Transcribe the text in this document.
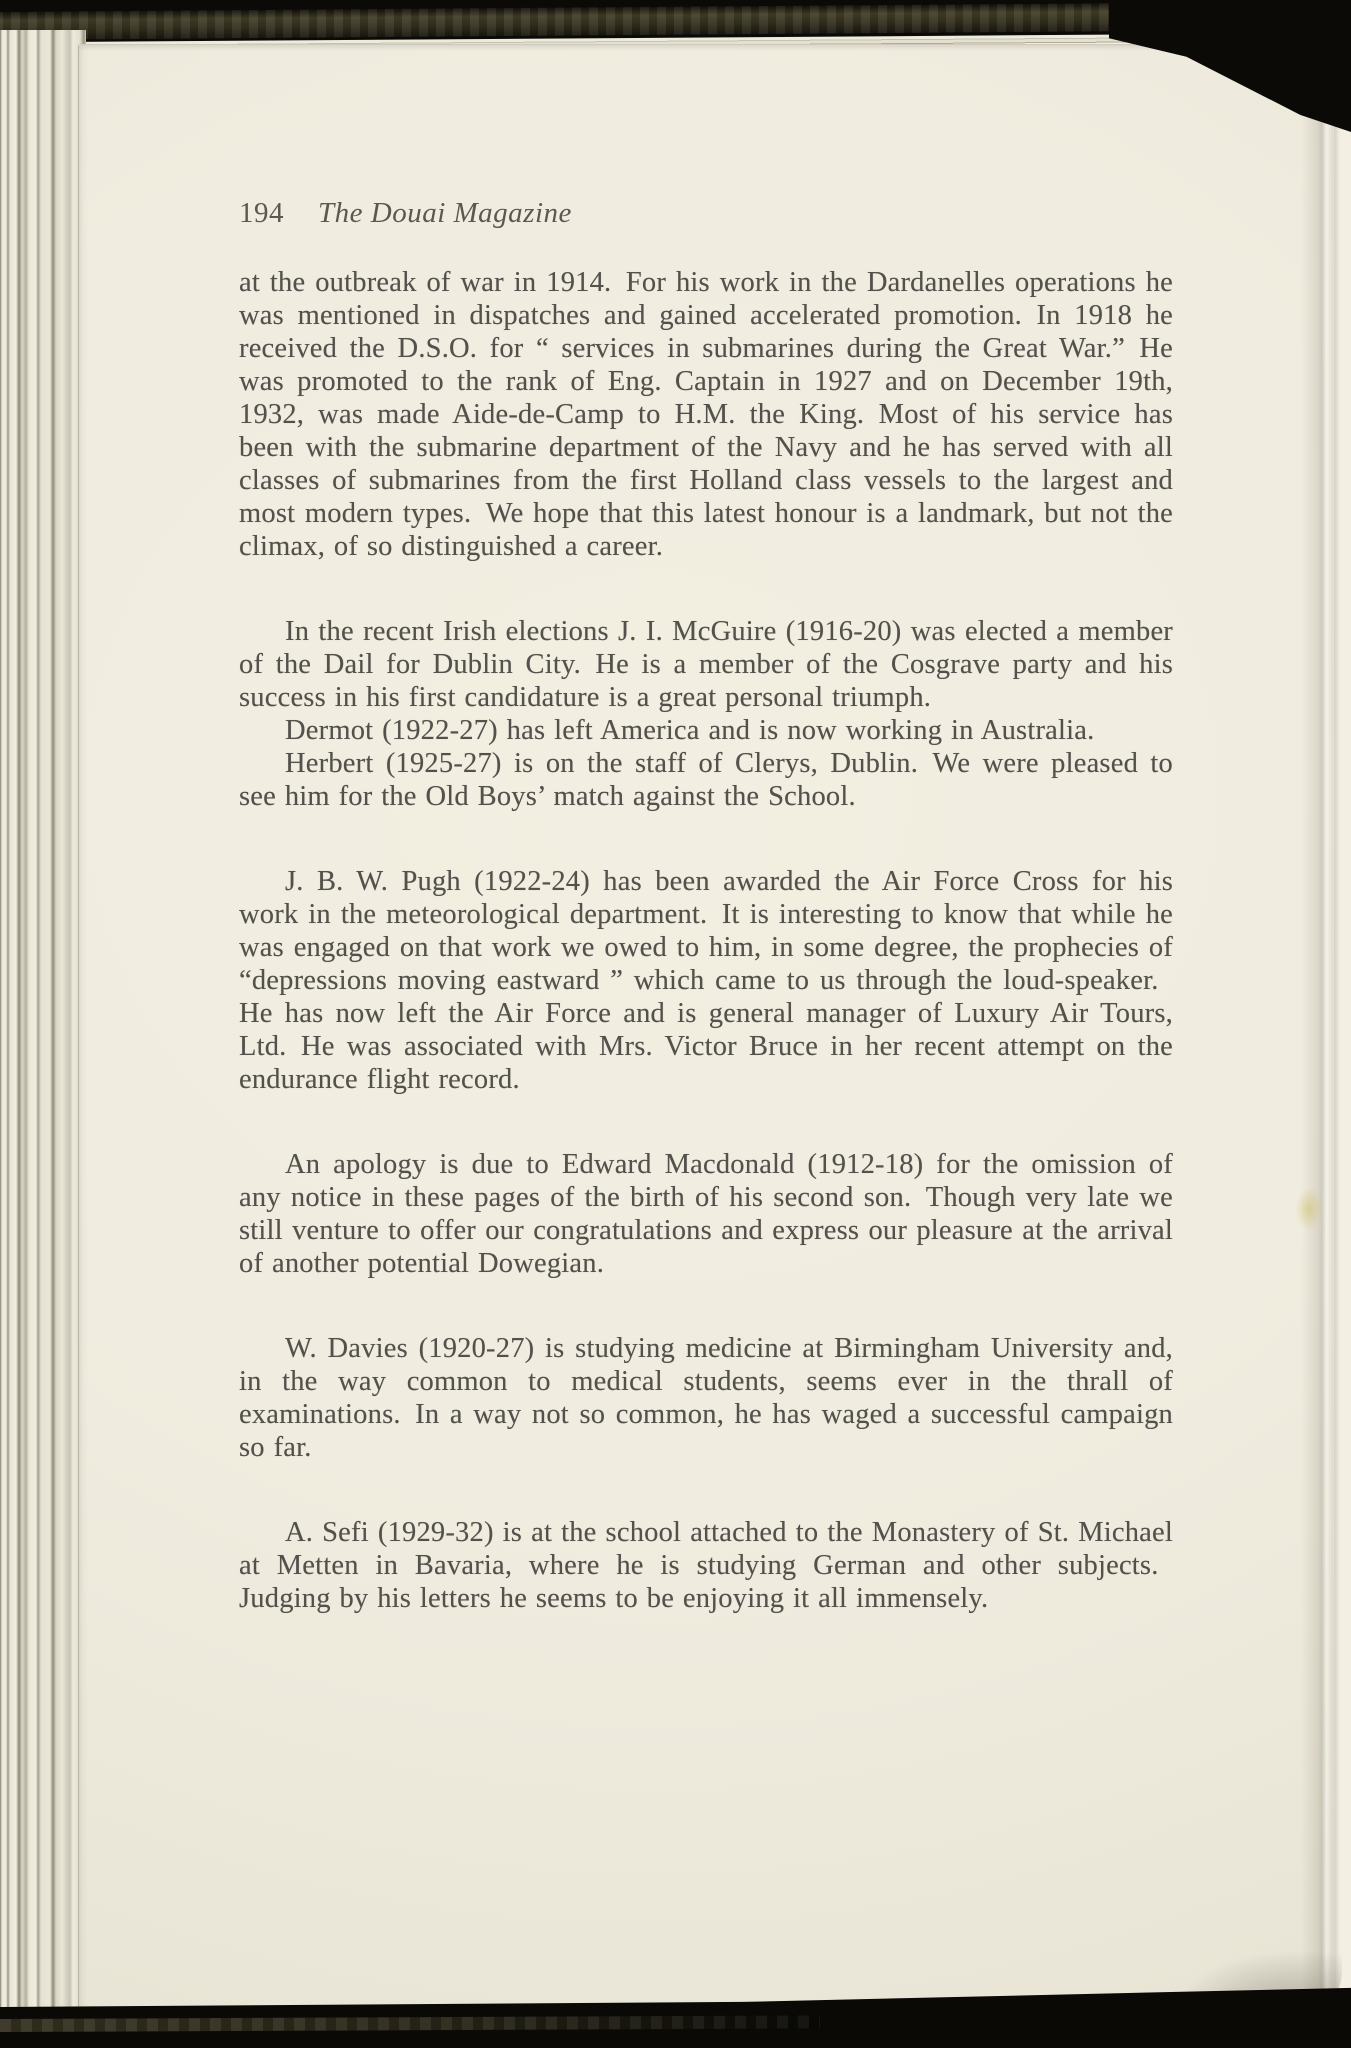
194 The Douai Magazine

at the outbreak of war in 1914. For his work in the Dardanelles operations he was mentioned in dispatches and gained accelerated promotion. In 1918 he received the D.S.O. for “ services in submarines during the Great War.” He was promoted to the rank of Eng. Captain in 1927 and on December 19th, 1932, was made Aide-de-Camp to H.M. the King. Most of his service has been with the submarine department of the Navy and he has served with all classes of submarines from the first Holland class vessels to the largest and most modern types. We hope that this latest honour is a landmark, but not the climax, of so distinguished a career.

In the recent Irish elections J. I. McGuire (1916-20) was elected a member of the Dail for Dublin City. He is a member of the Cosgrave party and his success in his first candidature is a great personal triumph.

Dermot (1922-27) has left America and is now working in Australia.

Herbert (1925-27) is on the staff of Clerys, Dublin. We were pleased to see him for the Old Boys’ match against the School.

J. B. W. Pugh (1922-24) has been awarded the Air Force Cross for his work in the meteorological department. It is interesting to know that while he was engaged on that work we owed to him, in some degree, the prophecies of “depressions moving eastward ” which came to us through the loud-speaker. He has now left the Air Force and is general manager of Luxury Air Tours, Ltd. He was associated with Mrs. Victor Bruce in her recent attempt on the endurance flight record.

An apology is due to Edward Macdonald (1912-18) for the omission of any notice in these pages of the birth of his second son. Though very late we still venture to offer our congratulations and express our pleasure at the arrival of another potential Dowegian.

W. Davies (1920-27) is studying medicine at Birmingham University and, in the way common to medical students, seems ever in the thrall of examinations. In a way not so common, he has waged a successful campaign so far.

A. Sefi (1929-32) is at the school attached to the Monastery of St. Michael at Metten in Bavaria, where he is studying German and other subjects. Judging by his letters he seems to be enjoying it all immensely.
